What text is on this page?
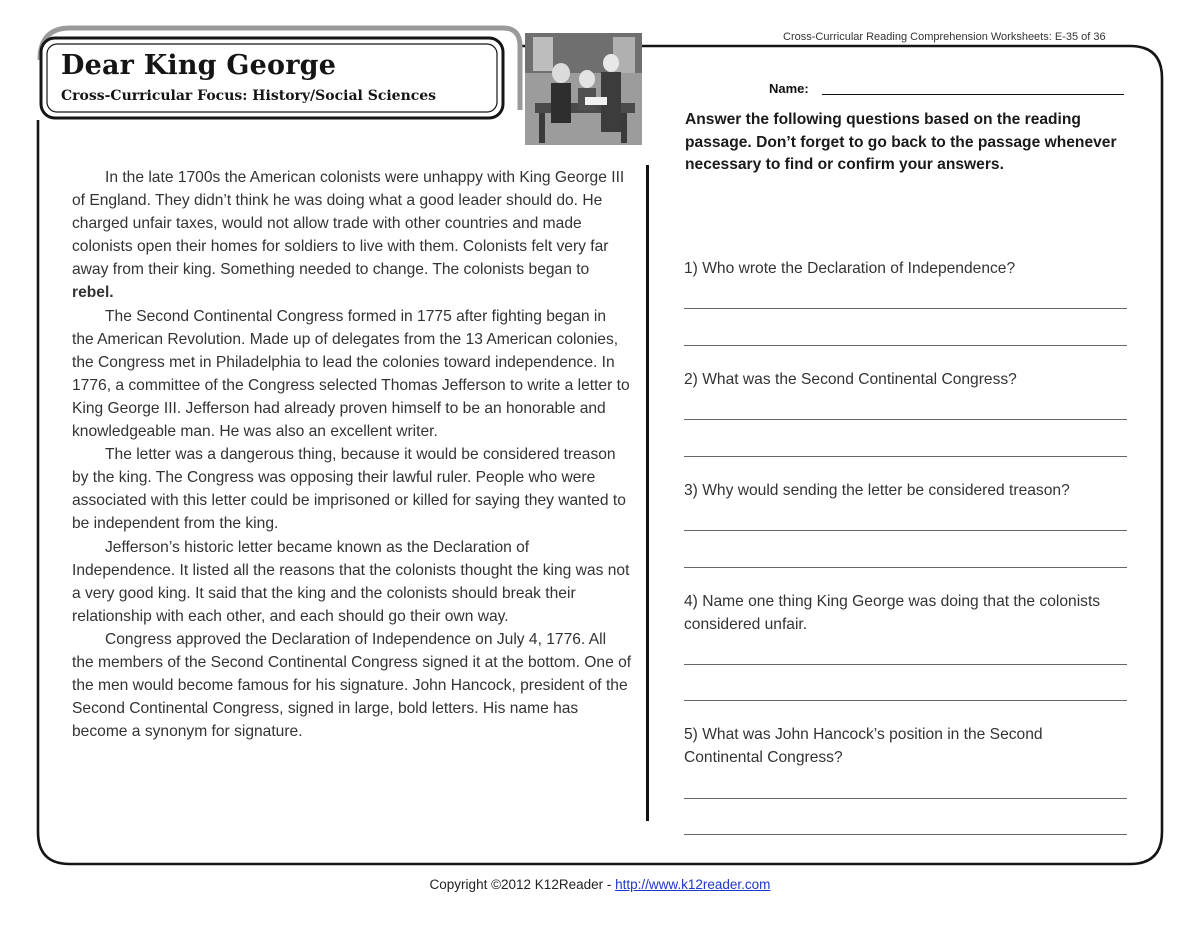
Cross-Curricular Reading Comprehension Worksheets: E-35 of 36
Dear King George
Cross-Curricular Focus: History/Social Sciences

In the late 1700s the American colonists were unhappy with King George III of England. They didn’t think he was doing what a good leader should do. He charged unfair taxes, would not allow trade with other countries and made colonists open their homes for soldiers to live with them. Colonists felt very far away from their king. Something needed to change. The colonists began to rebel.

The Second Continental Congress formed in 1775 after fighting began in the American Revolution. Made up of delegates from the 13 American colonies, the Congress met in Philadelphia to lead the colonies toward independence. In 1776, a committee of the Congress selected Thomas Jefferson to write a letter to King George III. Jefferson had already proven himself to be an honorable and knowledgeable man. He was also an excellent writer.

The letter was a dangerous thing, because it would be considered treason by the king. The Congress was opposing their lawful ruler. People who were associated with this letter could be imprisoned or killed for saying they wanted to be independent from the king.

Jefferson’s historic letter became known as the Declaration of Independence. It listed all the reasons that the colonists thought the king was not a very good king. It said that the king and the colonists should break their relationship with each other, and each should go their own way.

Congress approved the Declaration of Independence on July 4, 1776. All the members of the Second Continental Congress signed it at the bottom. One of the men would become famous for his signature. John Hancock, president of the Second Continental Congress, signed in large, bold letters. His name has become a synonym for signature.

Name:
Answer the following questions based on the reading passage. Don’t forget to go back to the passage whenever necessary to find or confirm your answers.
1) Who wrote the Declaration of Independence?
2) What was the Second Continental Congress?
3) Why would sending the letter be considered treason?
4) Name one thing King George was doing that the colonists considered unfair.
5) What was John Hancock’s position in the Second Continental Congress?
Copyright ©2012 K12Reader - http://www.k12reader.com
